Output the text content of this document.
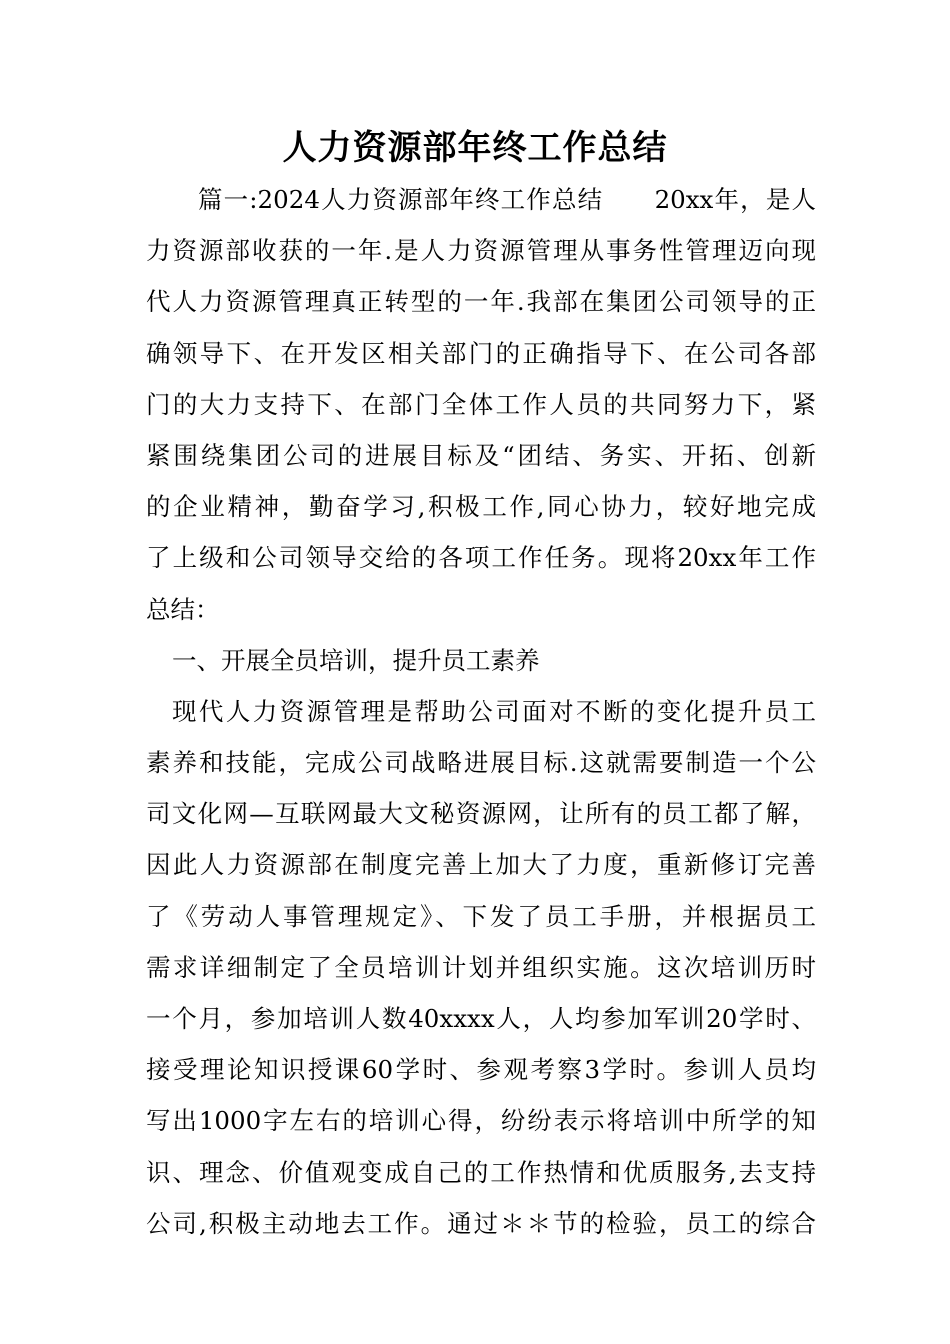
人力资源部年终工作总结
篇一:2024人力资源部年终工作总结　　20xx年，是人
力资源部收获的一年.是人力资源管理从事务性管理迈向现
代人力资源管理真正转型的一年.我部在集团公司领导的正
确领导下、在开发区相关部门的正确指导下、在公司各部
门的大力支持下、在部门全体工作人员的共同努力下，紧
紧围绕集团公司的进展目标及“团结、务实、开拓、创新
的企业精神，勤奋学习,积极工作,同心协力，较好地完成
了上级和公司领导交给的各项工作任务。现将20xx年工作
总结：
一、开展全员培训，提升员工素养
现代人力资源管理是帮助公司面对不断的变化提升员工
素养和技能，完成公司战略进展目标.这就需要制造一个公
司文化网—互联网最大文秘资源网，让所有的员工都了解，
因此人力资源部在制度完善上加大了力度，重新修订完善
了《劳动人事管理规定》、下发了员工手册，并根据员工
需求详细制定了全员培训计划并组织实施。这次培训历时
一个月，参加培训人数40xxxx人，人均参加军训20学时、
接受理论知识授课60学时、参观考察3学时。参训人员均
写出1000字左右的培训心得，纷纷表示将培训中所学的知
识、理念、价值观变成自己的工作热情和优质服务,去支持
公司,积极主动地去工作。通过＊＊节的检验，员工的综合
